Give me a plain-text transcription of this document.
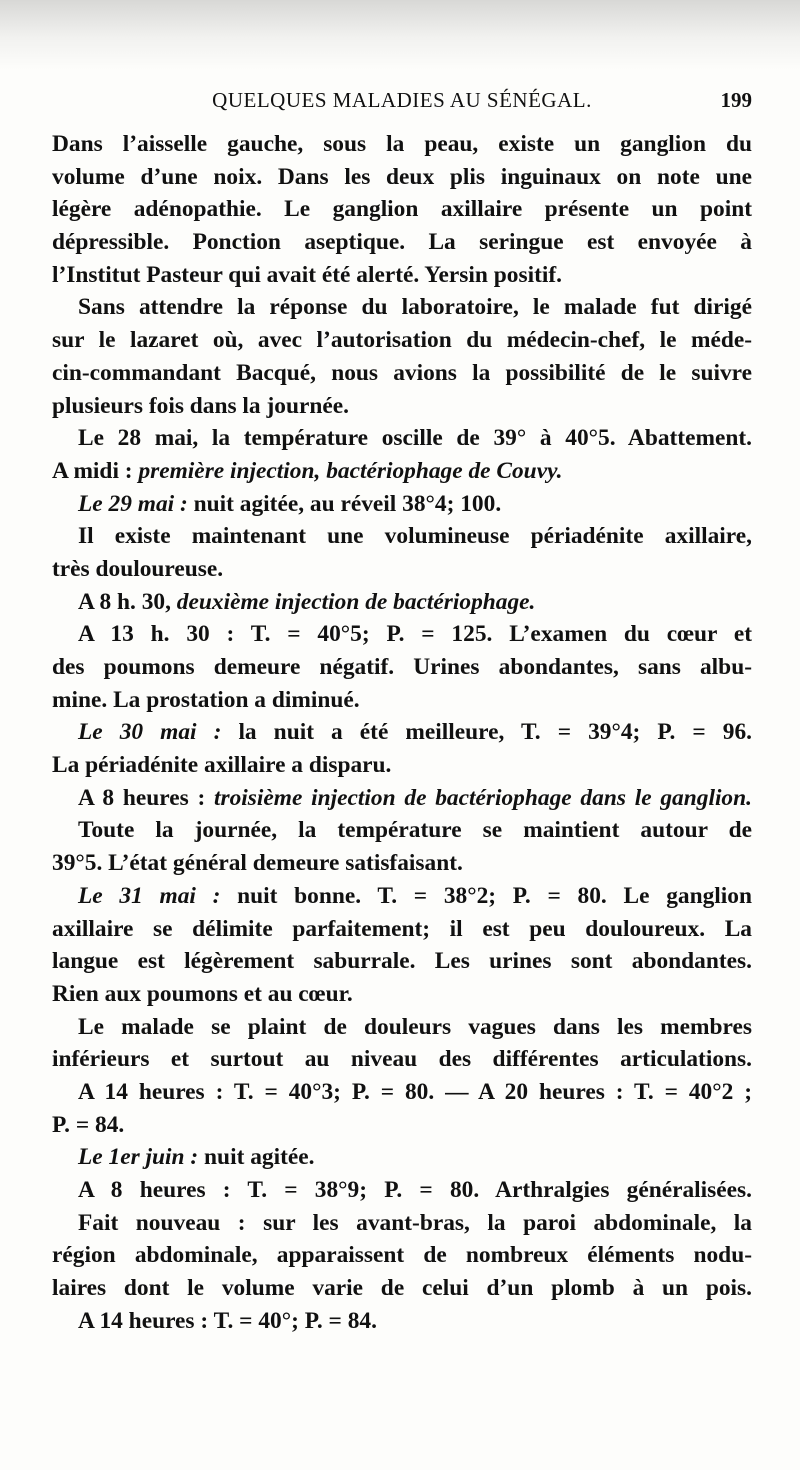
QUELQUES MALADIES AU SÉNÉGAL.	199
Dans l’aisselle gauche, sous la peau, existe un ganglion du
volume d’une noix. Dans les deux plis inguinaux on note une
légère adénopathie. Le ganglion axillaire présente un point
dépressible. Ponction aseptique. La seringue est envoyée à
l’Institut Pasteur qui avait été alerté. Yersin positif.
Sans attendre la réponse du laboratoire, le malade fut dirigé
sur le lazaret où, avec l’autorisation du médecin-chef, le méde-
cin-commandant Bacqué, nous avions la possibilité de le suivre
plusieurs fois dans la journée.
Le 28 mai, la température oscille de 39° à 40°5. Abattement.
A midi : première injection, bactériophage de Couvy.
Le 29 mai : nuit agitée, au réveil 38°4; 100.
Il existe maintenant une volumineuse périadénite axillaire,
très douloureuse.
A 8 h. 30, deuxième injection de bactériophage.
A 13 h. 30 : T. = 40°5; P. = 125. L’examen du cœur et
des poumons demeure négatif. Urines abondantes, sans albu-
mine. La prostation a diminué.
Le 30 mai : la nuit a été meilleure, T. = 39°4; P. = 96.
La périadénite axillaire a disparu.
A 8 heures : troisième injection de bactériophage dans le ganglion.
Toute la journée, la température se maintient autour de
39°5. L’état général demeure satisfaisant.
Le 31 mai : nuit bonne. T. = 38°2; P. = 80. Le ganglion
axillaire se délimite parfaitement; il est peu douloureux. La
langue est légèrement saburrale. Les urines sont abondantes.
Rien aux poumons et au cœur.
Le malade se plaint de douleurs vagues dans les membres
inférieurs et surtout au niveau des différentes articulations.
A 14 heures : T. = 40°3; P. = 80. — A 20 heures : T. = 40°2 ;
P. = 84.
Le 1er juin : nuit agitée.
A 8 heures : T. = 38°9; P. = 80. Arthralgies généralisées.
Fait nouveau : sur les avant-bras, la paroi abdominale, la
région abdominale, apparaissent de nombreux éléments nodu-
laires dont le volume varie de celui d’un plomb à un pois.
A 14 heures : T. = 40°; P. = 84.
